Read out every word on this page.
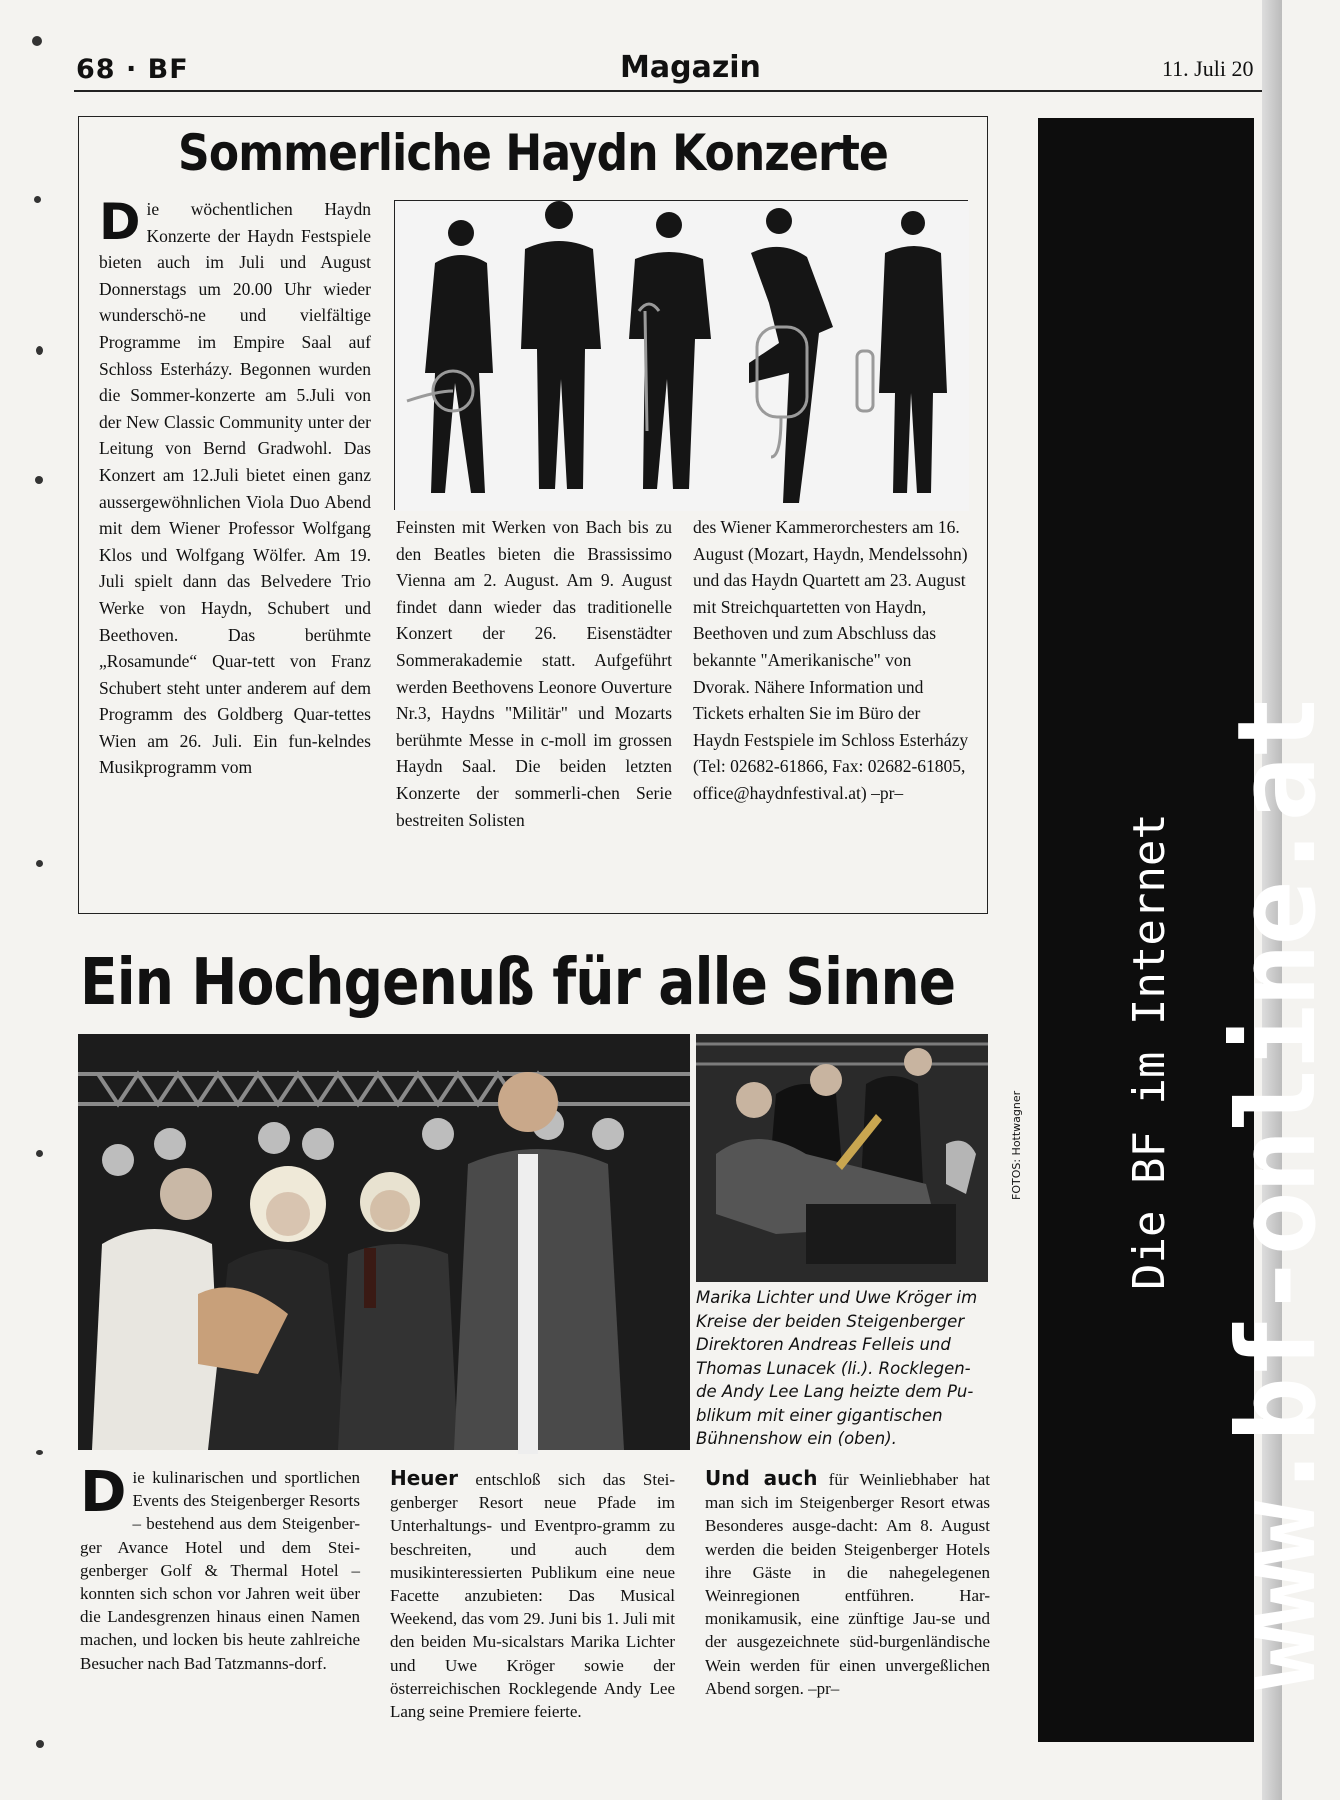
68 · BF	Magazin	11. Juli 20
Sommerliche Haydn Konzerte
Die wöchentlichen Haydn Konzerte der Haydn Festspiele bieten auch im Juli und August Donnerstags um 20.00 Uhr wieder wunderschö-ne und vielfältige Programme im Empire Saal auf Schloss Esterházy. Begonnen wurden die Sommer-konzerte am 5.Juli von der New Classic Community unter der Leitung von Bernd Gradwohl. Das Konzert am 12.Juli bietet einen ganz aussergewöhnlichen Viola Duo Abend mit dem Wiener Professor Wolfgang Klos und Wolfgang Wölfer. Am 19. Juli spielt dann das Belvedere Trio Werke von Haydn, Schubert und Beethoven. Das berühmte „Rosamunde“ Quar-tett von Franz Schubert steht unter anderem auf dem Programm des Goldberg Quar-tettes Wien am 26. Juli. Ein fun-kelndes Musikprogramm vom
Feinsten mit Werken von Bach bis zu den Beatles bieten die Brassissimo Vienna am 2. August. Am 9. August findet dann wieder das traditionelle Konzert der 26. Eisenstädter Sommerakademie statt. Aufgeführt werden Beethovens Leonore Ouverture Nr.3, Haydns "Militär" und Mozarts berühmte Messe in c-moll im grossen Haydn Saal. Die beiden letzten Konzerte der sommerli-chen Serie bestreiten Solisten
des Wiener Kammerorchesters am 16. August (Mozart, Haydn, Mendelssohn) und das Haydn Quartett am 23. August mit Streichquartetten von Haydn, Beethoven und zum Abschluss das bekannte "Amerikanische" von Dvorak. Nähere Information und Tickets erhalten Sie im Büro der Haydn Festspiele im Schloss Esterházy (Tel: 02682-61866, Fax: 02682-61805, office@haydnfestival.at) –pr–
Ein Hochgenuß für alle Sinne
FOTOS: Hottwagner
Marika Lichter und Uwe Kröger im Kreise der beiden Steigenberger Direktoren Andreas Felleis und Thomas Lunacek (li.). Rocklegen-de Andy Lee Lang heizte dem Pu-blikum mit einer gigantischen Bühnenshow ein (oben).
Die kulinarischen und sportlichen Events des Steigenberger Resorts – bestehend aus dem Steigenber-ger Avance Hotel und dem Stei-genberger Golf & Thermal Hotel – konnten sich schon vor Jahren weit über die Landesgrenzen hinaus einen Namen machen, und locken bis heute zahlreiche Besucher nach Bad Tatzmanns-dorf.
Heuer entschloß sich das Stei-genberger Resort neue Pfade im Unterhaltungs- und Eventpro-gramm zu beschreiten, und auch dem musikinteressierten Publikum eine neue Facette anzubieten: Das Musical Weekend, das vom 29. Juni bis 1. Juli mit den beiden Mu-sicalstars Marika Lichter und Uwe Kröger sowie der österreichischen Rocklegende Andy Lee Lang seine Premiere feierte.
Und auch für Weinliebhaber hat man sich im Steigenberger Resort etwas Besonderes ausge-dacht: Am 8. August werden die beiden Steigenberger Hotels ihre Gäste in die nahegelegenen Weinregionen entführen. Har-monikamusik, eine zünftige Jau-se und der ausgezeichnete süd-burgenländische Wein werden für einen unvergeßlichen Abend sorgen. –pr–
Die BF im Internet www.bf-online.at
